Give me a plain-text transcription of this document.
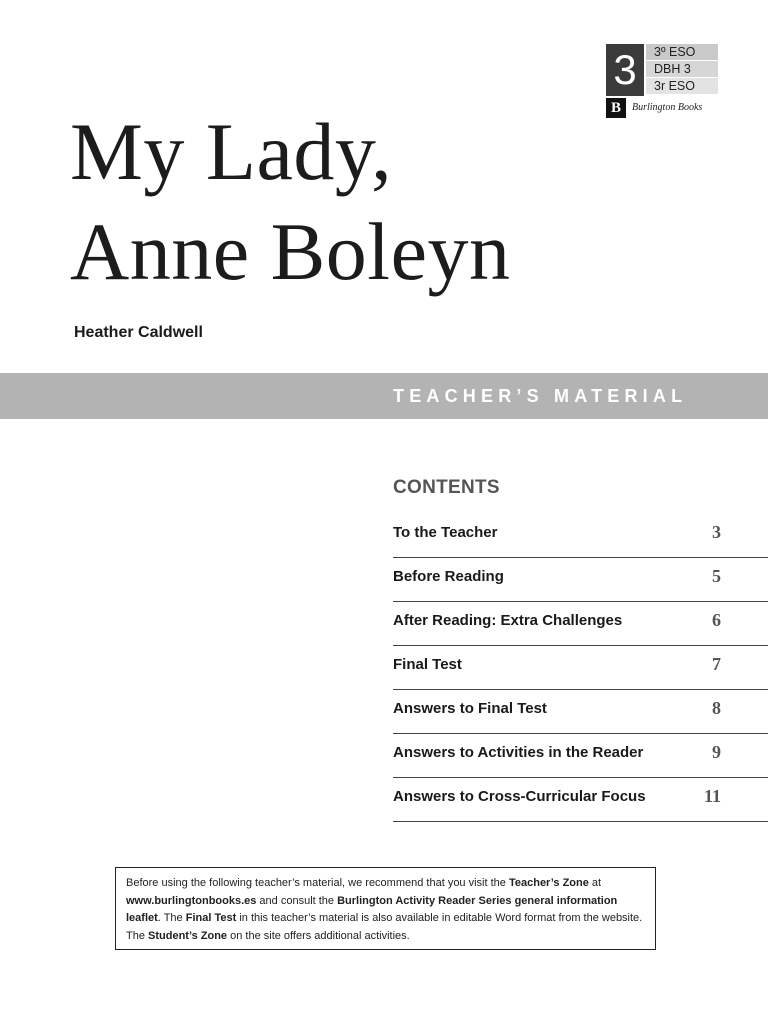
3	3º ESO
DBH 3
3r ESO
B	Burlington Books
My Lady,
Anne Boleyn
Heather Caldwell
TEACHER’S MATERIAL
CONTENTS
To the Teacher	3
Before Reading	5
After Reading: Extra Challenges	6
Final Test	7
Answers to Final Test	8
Answers to Activities in the Reader	9
Answers to Cross-Curricular Focus	11
Before using the following teacher’s material, we recommend that you visit the Teacher’s Zone at www.burlingtonbooks.es and consult the Burlington Activity Reader Series general information leaflet. The Final Test in this teacher’s material is also available in editable Word format from the website. The Student’s Zone on the site offers additional activities.
